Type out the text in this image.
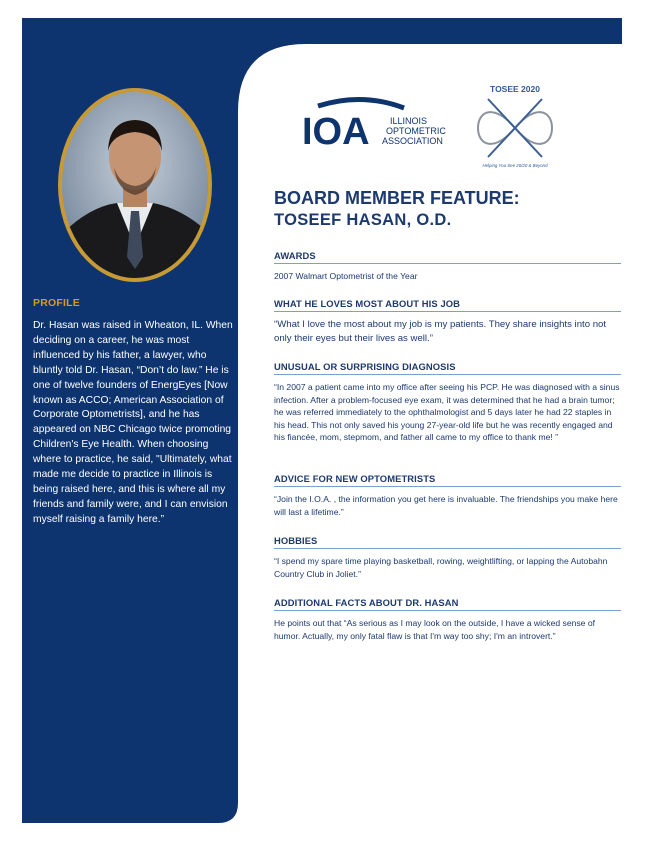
PROFILE

Dr. Hasan was raised in Wheaton, IL. When deciding on a career, he was most influenced by his father, a lawyer, who bluntly told Dr. Hasan, “Don’t do law.” He is one of twelve founders of EnergEyes [Now known as ACCO; American Association of Corporate Optometrists], and he has appeared on NBC Chicago twice promoting Children's Eye Health. When choosing where to practice, he said, "Ultimately, what made me decide to practice in Illinois is being raised here, and this is where all my friends and family were, and I can envision myself raising a family here.”

IOA ILLINOIS
OPTOMETRIC
ASSOCIATION
TOSEE 2020
Helping You See 20/20 & Beyond
BOARD MEMBER FEATURE:
TOSEEF HASAN, O.D.
AWARDS

2007 Walmart Optometrist of the Year

WHAT HE LOVES MOST ABOUT HIS JOB

“What I love the most about my job is my patients. They share insights into not only their eyes but their lives as well.”

UNUSUAL OR SURPRISING DIAGNOSIS

“In 2007 a patient came into my office after seeing his PCP. He was diagnosed with a sinus infection. After a problem-focused eye exam, it was determined that he had a brain tumor; he was referred immediately to the ophthalmologist and 5 days later he had 22 staples in his head. This not only saved his young 27-year-old life but he was recently engaged and his fiancée, mom, stepmom, and father all came to my office to thank me! ”

ADVICE FOR NEW OPTOMETRISTS

“Join the I.O.A. , the information you get here is invaluable. The friendships you make here will last a lifetime.”

HOBBIES

“I spend my spare time playing basketball, rowing, weightlifting, or lapping the Autobahn Country Club in Joliet.”

ADDITIONAL FACTS ABOUT DR. HASAN

He points out that “As serious as I may look on the outside, I have a wicked sense of humor. Actually, my only fatal flaw is that I'm way too shy; I'm an introvert.”
